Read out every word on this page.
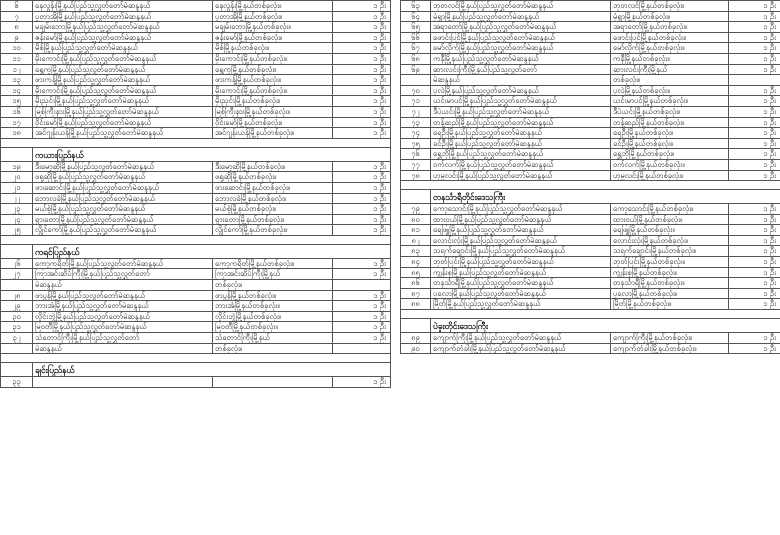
၆	နေလွန်းမြို့နယ်ပြည်သူ့လွှတ်တော်မဲဆန္ဒနယ်	နေလွန်းမြို့နယ်တစ်ခုလုံး။	၁ ဦး
၇	ပူတာအိုမြို့နယ်ပြည်သူ့လွှတ်တော်မဲဆန္ဒနယ်	ပူတာအိုမြို့နယ်တစ်ခုလုံး။	၁ ဦး
၈	မချမ်းဘောမြို့နယ်ပြည်သူ့လွှတ်တော်မဲဆန္ဒနယ်	မချမ်းဘောမြို့နယ်တစ်ခုလုံး။	၁ ဦး
၉	ဇန်းမော်မြို့နယ်ပြည်သူ့လွှတ်တော်မဲဆန္ဒနယ်	ဇန်းမော်မြို့နယ်တစ်ခုလုံး။	၁ ဦး
၁၀	မိစ်မြို့နယ်ပြည်သူ့လွှတ်တော်မဲဆန္ဒနယ်	မိစ်မြို့နယ်တစ်ခုလုံး။	၁ ဦး
၁၁	မိုးကောင်းမြို့နယ်ပြည်သူ့လွှတ်တော်မဲဆန္ဒနယ်	မိုးကောင်းမြို့နယ်တစ်ခုလုံး။	၁ ဦး
၁၂	ရွှေကူမြို့နယ်ပြည်သူ့လွှတ်တော်မဲဆန္ဒနယ်	ရွှေကူမြို့နယ်တစ်ခုလုံး။	၁ ဦး
၁၃	ဖားကန့်မြို့နယ်ပြည်သူ့လွှတ်တော်မဲဆန္ဒနယ်	ဖားကန့်မြို့နယ်တစ်ခုလုံး။	၁ ဦး
၁၄	မိုးကောင်းမြို့နယ်ပြည်သူ့လွှတ်တော်မဲဆန္ဒနယ်	မိုးကောင်းမြို့နယ်တစ်ခုလုံး။	၁ ဦး
၁၅	မိုးညှင်းမြို့နယ်ပြည်သူ့လွှတ်တော်မဲဆန္ဒနယ်	မိုးညှင်းမြို့နယ်တစ်ခုလုံး။	၁ ဦး
၁၆	မြစ်ကြီးနားမြို့နယ်ပြည်သူ့လွှတ်တော်မဲဆန္ဒနယ်	မြစ်ကြီးနားမြို့နယ်တစ်ခုလုံး။	၁ ဦး
၁၇	ဝိုင်းမော်မြို့နယ်ပြည်သူ့လွှတ်တော်မဲဆန္ဒနယ်	ဝိုင်းမော်မြို့နယ်တစ်ခုလုံး။	၁ ဦး
၁၈	အင်ဂျန်းယန်မြို့နယ်ပြည်သူ့လွှတ်တော်မဲဆန္ဒနယ်	အင်ဂျန်းယန်မြို့နယ်တစ်ခုလုံး။	၁ ဦး

	ကယားပြည်နယ်		
၁၉	ဒီးမော့ဆိုမြို့နယ်ပြည်သူ့လွှတ်တော်မဲဆန္ဒနယ်	ဒီးမော့ဆိုမြို့နယ်တစ်ခုလုံး။	၁ ဦး
၂၀	ဖရူဆိုမြို့နယ်ပြည်သူ့လွှတ်တော်မဲဆန္ဒနယ်	ဖရူဆိုမြို့နယ်တစ်ခုလုံး။	၁ ဦး
၂၁	ဖားဆောင်းမြို့နယ်ပြည်သူ့လွှတ်တော်မဲဆန္ဒနယ်	ဖားဆောင်းမြို့နယ်တစ်ခုလုံး။	၁ ဦး
၂၂	ဘောလခဲမြို့နယ်ပြည်သူ့လွှတ်တော်မဲဆန္ဒနယ်	ဘောလခဲမြို့နယ်တစ်ခုလုံး။	၁ ဦး
၂၃	မယ်စဲ့မြို့နယ်ပြည်သူ့လွှတ်တော်မဲဆန္ဒနယ်	မယ်စဲ့မြို့နယ်တစ်ခုလုံး။	၁ ဦး
၂၄	ရှားတောမြို့နယ်ပြည်သူ့လွှတ်တော်မဲဆန္ဒနယ်	ရှားတောမြို့နယ်တစ်ခုလုံး။	၁ ဦး
၂၅	လွိုင်ကော်မြို့နယ်ပြည်သူ့လွှတ်တော်မဲဆန္ဒနယ်	လွိုင်ကော်မြို့နယ်တစ်ခုလုံး။	၁ ဦး

	ကရင်ပြည်နယ်		
၂၆	ကော့ကရိတ်မြို့နယ်ပြည်သူ့လွှတ်တော်မဲဆန္ဒနယ်	ကော့ကရိတ်မြို့နယ်တစ်ခုလုံး။	၁ ဦး
၂၇	ကြာအင်းဆိပ်ကြီးမြို့နယ်ပြည်သူ့လွှတ်တော်	ကြာအင်းဆိပ်ကြီးမြို့နယ်	၁ ဦး
	မဲဆန္ဒနယ်	တစ်ခုလုံး။	
၂၈	ဖာပွန်မြို့နယ်ပြည်သူ့လွှတ်တော်မဲဆန္ဒနယ်	ဖာပွန်မြို့နယ်တစ်ခုလုံး။	၁ ဦး
၂၉	ဘားအံမြို့နယ်ပြည်သူ့လွှတ်တော်မဲဆန္ဒနယ်	ဘားအံမြို့နယ်တစ်ခုလုံး။	၁ ဦး
၃၀	လှိုင်းဘွဲ့မြို့နယ်ပြည်သူ့လွှတ်တော်မဲဆန္ဒနယ်	လှိုင်းဘွဲ့မြို့နယ်တစ်ခုလုံး။	၁ ဦး
၃၁	မြဝတီမြို့နယ်ပြည်သူ့လွှတ်တော်မဲဆန္ဒနယ်	မြဝတီမြို့နယ်တစ်ခုလုံး။	၁ ဦး
၃၂	သံတောင်ကြီးမြို့နယ်ပြည်သူ့လွှတ်တော်	သံတောင်ကြီးမြို့နယ်	၁ ဦး
	မဲဆန္ဒနယ်	တစ်ခုလုံး။	

	ချင်းပြည်နယ်		
၃၃			၁ ဦး
၆၃	ဘုတလင်မြို့နယ်ပြည်သူ့လွှတ်တော်မဲဆန္ဒနယ်	ဘုတလင်မြို့နယ်တစ်ခုလုံး။	၁ ဦး
၆၄	မုံရွာမြို့နယ်ပြည်သူ့လွှတ်တော်မဲဆန္ဒနယ်	မုံရွာမြို့နယ်တစ်ခုလုံး။	၁ ဦး
၆၅	အရာတော်မြို့နယ်ပြည်သူ့လွှတ်တော်မဲဆန္ဒနယ်	အရာတော်မြို့နယ်တစ်ခုလုံး။	၁ ဦး
၆၆	ဖောင်းပြင်မြို့နယ်ပြည်သူ့လွှတ်တော်မဲဆန္ဒနယ်	ဖောင်းပြင်မြို့နယ်တစ်ခုလုံး။	၁ ဦး
၆၇	မော်လိုက်မြို့နယ်ပြည်သူ့လွှတ်တော်မဲဆန္ဒနယ်	မော်လိုက်မြို့နယ်တစ်ခုလုံး။	၁ ဦး
၆၈	ကနီမြို့နယ်ပြည်သူ့လွှတ်တော်မဲဆန္ဒနယ်	ကနီမြို့နယ်တစ်ခုလုံး။	၁ ဦး
၆၉	ဆားလင်းကြီးမြို့နယ်ပြည်သူ့လွှတ်တော်	ဆားလင်းကြီးမြို့နယ်	၁ ဦး
	မဲဆန္ဒနယ်	တစ်ခုလုံး။	
၇၀	ပုလဲမြို့နယ်ပြည်သူ့လွှတ်တော်မဲဆန္ဒနယ်	ပုလဲမြို့နယ်တစ်ခုလုံး။	၁ ဦး
၇၁	ယင်းမာပင်မြို့နယ်ပြည်သူ့လွှတ်တော်မဲဆန္ဒနယ်	ယင်းမာပင်မြို့နယ်တစ်ခုလုံး။	၁ ဦး
၇၂	ဒီပဲယင်းမြို့နယ်ပြည်သူ့လွှတ်တော်မဲဆန္ဒနယ်	ဒီပဲယင်းမြို့နယ်တစ်ခုလုံး။	၁ ဦး
၇၃	တန့်ဆည်မြို့နယ်ပြည်သူ့လွှတ်တော်မဲဆန္ဒနယ်	တန့်ဆည်မြို့နယ်တစ်ခုလုံး။	၁ ဦး
၇၄	ရေဦးမြို့နယ်ပြည်သူ့လွှတ်တော်မဲဆန္ဒနယ်	ရေဦးမြို့နယ်တစ်ခုလုံး။	၁ ဦး
၇၅	ခင်ဦးမြို့နယ်ပြည်သူ့လွှတ်တော်မဲဆန္ဒနယ်	ခင်ဦးမြို့နယ်တစ်ခုလုံး။	၁ ဦး
၇၆	ရွှေဘိုမြို့နယ်ပြည်သူ့လွှတ်တော်မဲဆန္ဒနယ်	ရွှေဘိုမြို့နယ်တစ်ခုလုံး။	၁ ဦး
၇၇	ဝက်လက်မြို့နယ်ပြည်သူ့လွှတ်တော်မဲဆန္ဒနယ်	ဝက်လက်မြို့နယ်တစ်ခုလုံး။	၁ ဦး
၇၈	ဟုမ္မလင်းမြို့နယ်ပြည်သူ့လွှတ်တော်မဲဆန္ဒနယ်	ဟုမ္မလင်းမြို့နယ်တစ်ခုလုံး။	၁ ဦး

	တနင်္သာရီတိုင်းဒေသကြီး		
၇၉	ကော့သောင်းမြို့နယ်ပြည်သူ့လွှတ်တော်မဲဆန္ဒနယ်	ကော့သောင်းမြို့နယ်တစ်ခုလုံး။	၁ ဦး
၈၀	ထားဝယ်မြို့နယ်ပြည်သူ့လွှတ်တော်မဲဆန္ဒနယ်	ထားဝယ်မြို့နယ်တစ်ခုလုံး။	၁ ဦး
၈၁	ရေဖြူမြို့နယ်ပြည်သူ့လွှတ်တော်မဲဆန္ဒနယ်	ရေဖြူမြို့နယ်တစ်ခုလုံး။	၁ ဦး
၈၂	လောင်းလုံးမြို့နယ်ပြည်သူ့လွှတ်တော်မဲဆန္ဒနယ်	လောင်းလုံးမြို့နယ်တစ်ခုလုံး။	၁ ဦး
၈၃	သရက်ချောင်းမြို့နယ်ပြည်သူ့လွှတ်တော်မဲဆန္ဒနယ်	သရက်ချောင်းမြို့နယ်တစ်ခုလုံး။	၁ ဦး
၈၄	ဘုတ်ပြင်းမြို့နယ်ပြည်သူ့လွှတ်တော်မဲဆန္ဒနယ်	ဘုတ်ပြင်းမြို့နယ်တစ်ခုလုံး။	၁ ဦး
၈၅	ကျွန်းစုမြို့နယ်ပြည်သူ့လွှတ်တော်မဲဆန္ဒနယ်	ကျွန်းစုမြို့နယ်တစ်ခုလုံး။	၁ ဦး
၈၆	တနင်္သာရီမြို့နယ်ပြည်သူ့လွှတ်တော်မဲဆန္ဒနယ်	တနင်္သာရီမြို့နယ်တစ်ခုလုံး။	၁ ဦး
၈၇	ပုလောမြို့နယ်ပြည်သူ့လွှတ်တော်မဲဆန္ဒနယ်	ပုလောမြို့နယ်တစ်ခုလုံး။	၁ ဦး
၈၈	မြိတ်မြို့နယ်ပြည်သူ့လွှတ်တော်မဲဆန္ဒနယ်	မြိတ်မြို့နယ်တစ်ခုလုံး။	၁ ဦး

	ပဲခူးတိုင်းဒေသကြီး		
၈၉	ကျောက်ကြီးမြို့နယ်ပြည်သူ့လွှတ်တော်မဲဆန္ဒနယ်	ကျောက်ကြီးမြို့နယ်တစ်ခုလုံး။	၁ ဦး
၉၀	ကျောက်တံခါးမြို့နယ်ပြည်သူ့လွှတ်တော်မဲဆန္ဒနယ်	ကျောက်တံခါးမြို့နယ်တစ်ခုလုံး။	၁ ဦး
